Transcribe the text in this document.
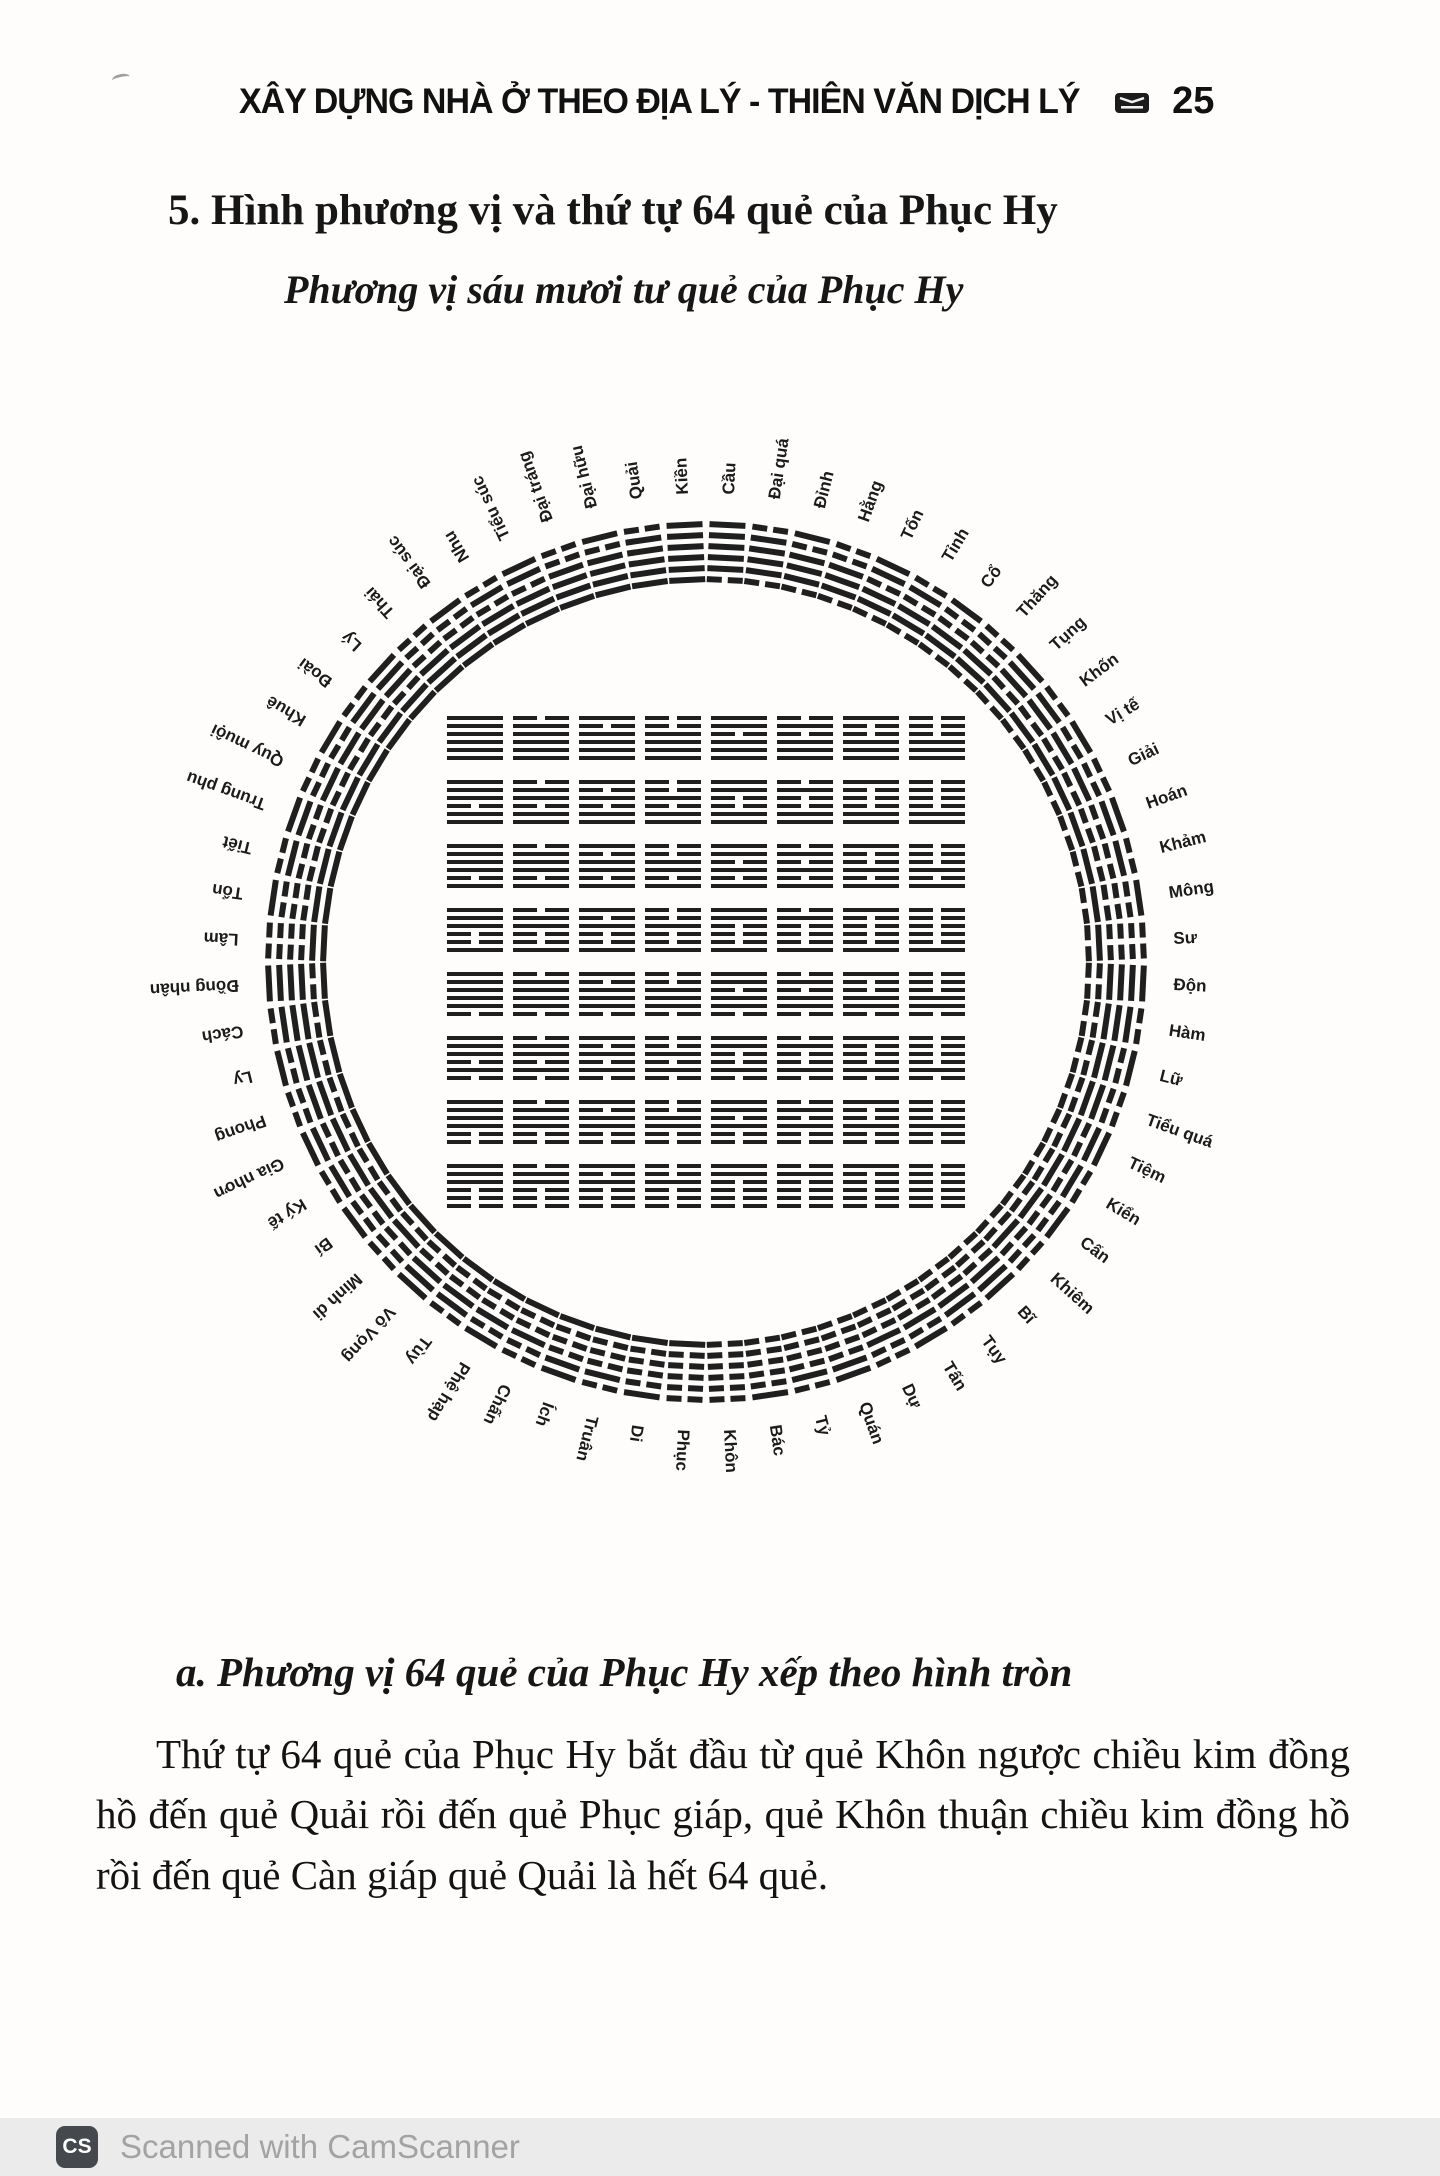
XÂY DỰNG NHÀ Ở THEO ĐỊA LÝ - THIÊN VĂN DỊCH LÝ 25
5. Hình phương vị và thứ tự 64 quẻ của Phục Hy
Phương vị sáu mươi tư quẻ của Phục Hy
Cầu Đại quá Đỉnh Hằng
Tốn
Tỉnh
Cổ Thăng
Tụng
Khốn
Vị tế
Giải
Hoán
Khảm
Mông
Sư
Độn
Hàm
Lữ
Tiểu quá
Tiệm
Kiển
Cấn
Khiêm
Bĩ
Tụy
Tấn
Dự
Quán
Tỷ
Bác
Khôn
Phục
Di
Truân
Ích
Chấn
Phệ hạp
Tùy
Vô Vọng
Minh di
Bí
Ký tế
Gia nhơn
Phong
Ly
Cách
Đồng nhân
Lâm
Tổn
Tiết
Trung phu
Quy muội
Khuê
Đoài
Lý
Thái
Đại súc Nhu
Tiểu súc Đại tráng Đại hữu Quải Kiền

a. Phương vị 64 quẻ của Phục Hy xếp theo hình tròn

Thứ tự 64 quẻ của Phục Hy bắt đầu từ quẻ Khôn ngược chiều kim đồng hồ đến quẻ Quải rồi đến quẻ Phục giáp, quẻ Khôn thuận chiều kim đồng hồ rồi đến quẻ Càn giáp quẻ Quải là hết 64 quẻ.

CS Scanned with CamScanner
